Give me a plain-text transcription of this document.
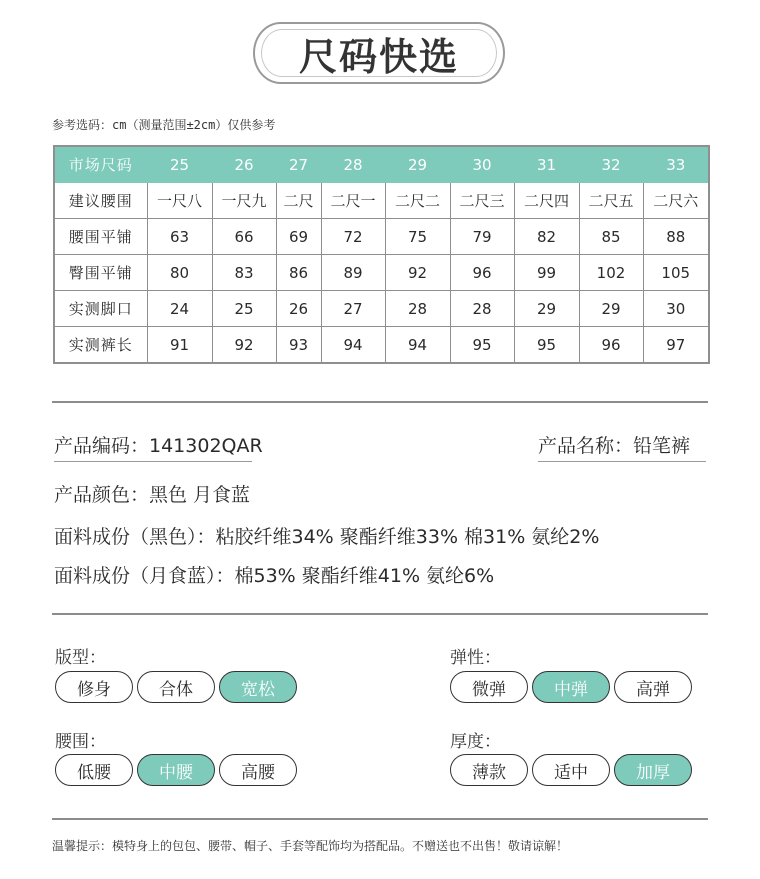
尺码快选
参考选码：cm（测量范围±2cm）仅供参考
市场尺码	25	26	27	28	29	30	31	32	33
建议腰围	一尺八	一尺九	二尺	二尺一	二尺二	二尺三	二尺四	二尺五	二尺六
腰围平铺	63	66	69	72	75	79	82	85	88
臀围平铺	80	83	86	89	92	96	99	102	105
实测脚口	24	25	26	27	28	28	29	29	30
实测裤长	91	92	93	94	94	95	95	96	97
产品编码：141302QAR	产品名称：铅笔裤
产品颜色：黑色 月食蓝
面料成份（黑色）：粘胶纤维34% 聚酯纤维33% 棉31% 氨纶2%
面料成份（月食蓝）：棉53% 聚酯纤维41% 氨纶6%
版型：
修身	合体	宽松
弹性：
微弹	中弹	高弹
腰围：
低腰	中腰	高腰
厚度：
薄款	适中	加厚
温馨提示：模特身上的包包、腰带、帽子、手套等配饰均为搭配品。不赠送也不出售！敬请谅解！
